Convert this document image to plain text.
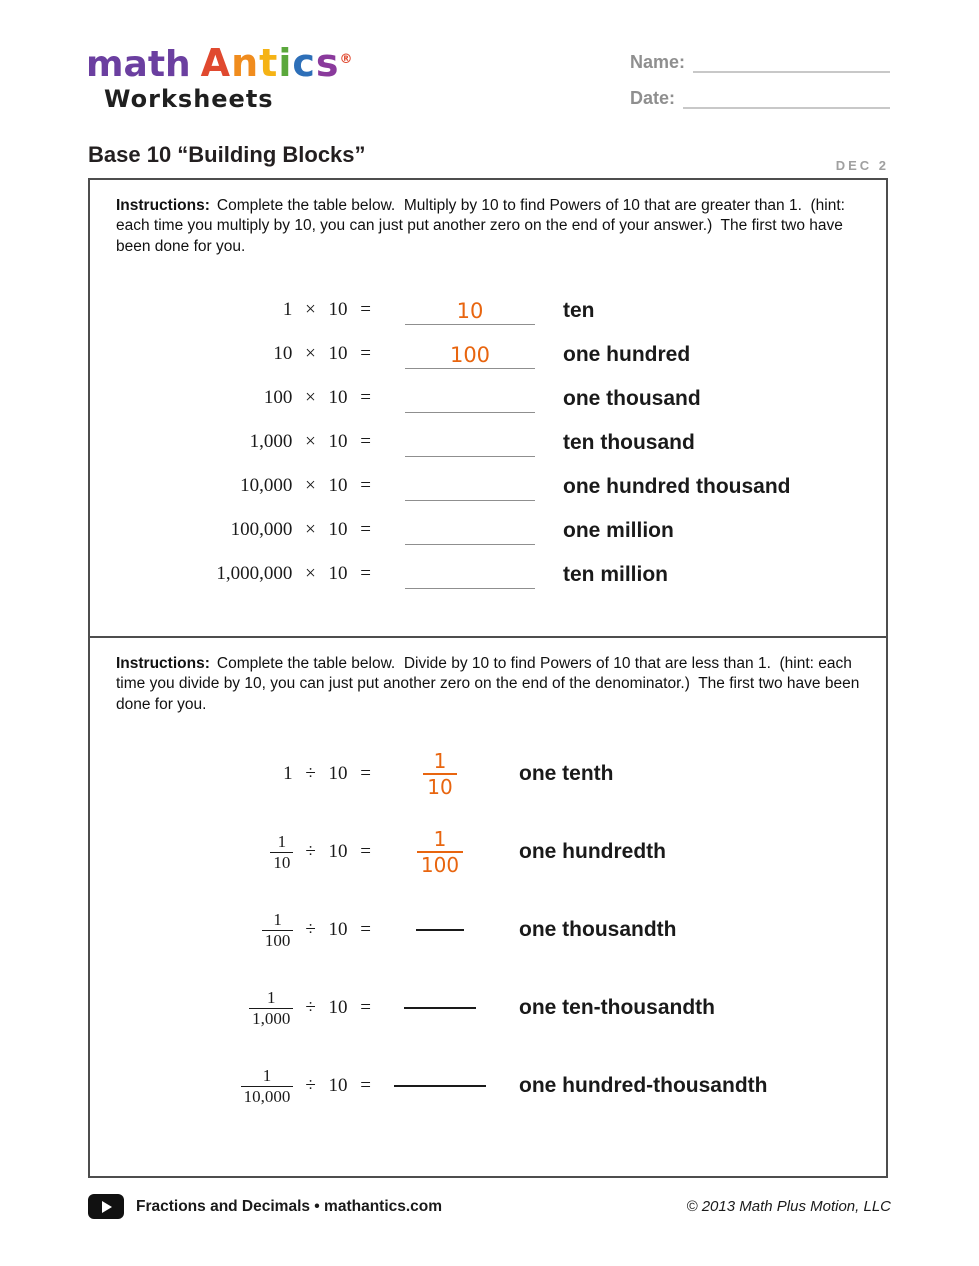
math Antics®
Worksheets
Name:
Date:
Base 10 “Building Blocks”	DEC 2

Instructions: Complete the table below.  Multiply by 10 to find Powers of 10 that are greater than 1.  (hint: each time you multiply by 10, you can just put another zero on the end of your answer.)  The first two have been done for you.

1 × 10 =	10	ten
10 × 10 =	100	one hundred
100 × 10 =	one thousand
1,000 × 10 =	ten thousand
10,000 × 10 =	one hundred thousand
100,000 × 10 =	one million
1,000,000 × 10 =	ten million

Instructions: Complete the table below.  Divide by 10 to find Powers of 10 that are less than 1.  (hint: each time you divide by 10, you can just put another zero on the end of the denominator.)  The first two have been done for you.

1 ÷ 10 =	$\frac{1}{10}$	one tenth
$\frac{1}{10} \div 10 = \frac{1}{100}$	one hundredth
$\frac{1}{100} \div 10$ =	one thousandth
$\frac{1}{1,000} \div 10$ =	one ten-thousandth
$\frac{1}{10,000} \div 10$ =	one hundred-thousandth
Fractions and Decimals • mathantics.com	© 2013 Math Plus Motion, LLC
